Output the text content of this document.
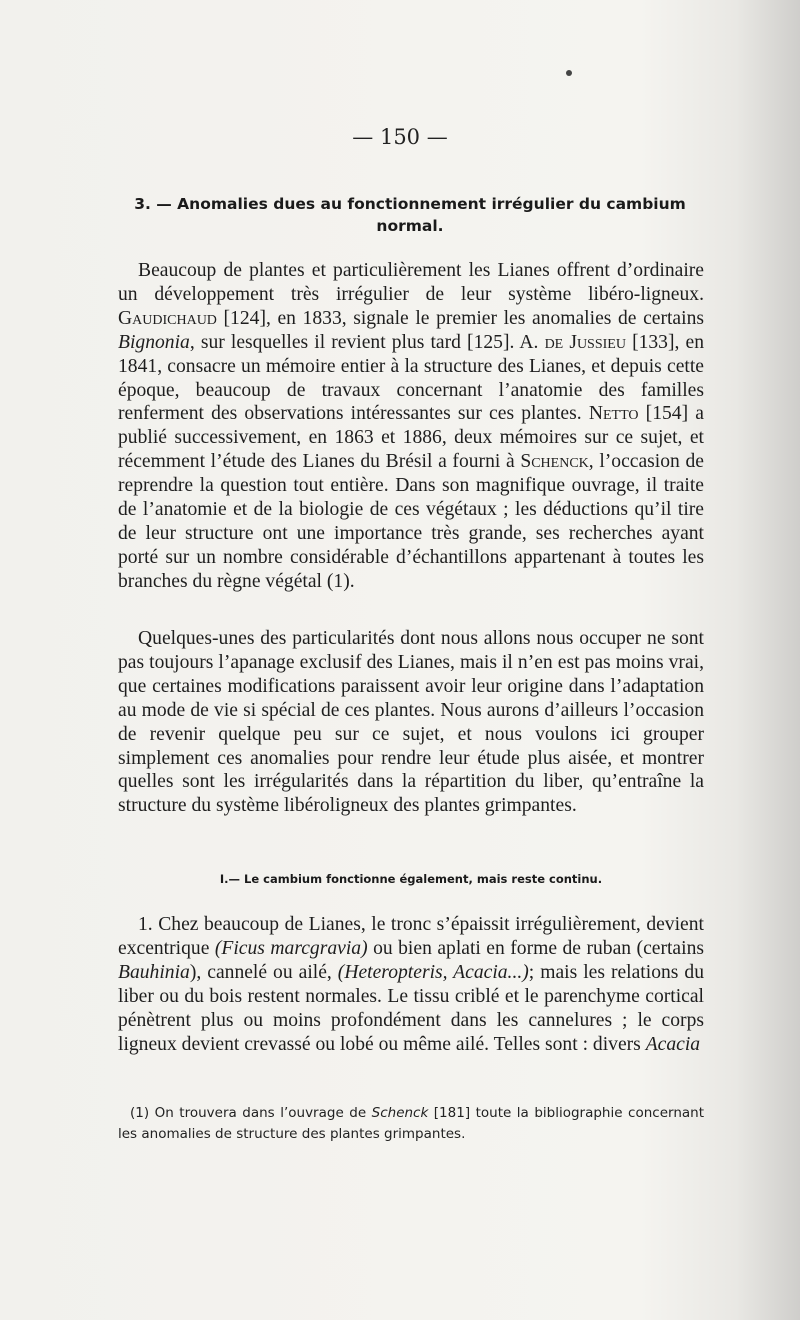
— 150 —
3. — Anomalies dues au fonctionnement irrégulier du cambium normal.

Beaucoup de plantes et particulièrement les Lianes offrent d’ordinaire un développement très irrégulier de leur système libéro-ligneux. Gaudichaud [124], en 1833, signale le premier les anomalies de certains Bignonia, sur lesquelles il revient plus tard [125]. A. de Jussieu [133], en 1841, consacre un mémoire entier à la structure des Lianes, et depuis cette époque, beaucoup de travaux concernant l’anatomie des familles renferment des observations intéressantes sur ces plantes. Netto [154] a publié successivement, en 1863 et 1886, deux mémoires sur ce sujet, et récemment l’étude des Lianes du Brésil a fourni à Schenck, l’occasion de reprendre la question tout entière. Dans son magnifique ouvrage, il traite de l’anatomie et de la biologie de ces végétaux ; les déductions qu’il tire de leur structure ont une importance très grande, ses recherches ayant porté sur un nombre considérable d’échantillons appartenant à toutes les branches du règne végétal (1).

Quelques-unes des particularités dont nous allons nous occuper ne sont pas toujours l’apanage exclusif des Lianes, mais il n’en est pas moins vrai, que certaines modifications paraissent avoir leur origine dans l’adaptation au mode de vie si spécial de ces plantes. Nous aurons d’ailleurs l’occasion de revenir quelque peu sur ce sujet, et nous voulons ici grouper simplement ces anomalies pour rendre leur étude plus aisée, et montrer quelles sont les irrégularités dans la répartition du liber, qu’entraîne la structure du système libéroligneux des plantes grimpantes.

I.— Le cambium fonctionne également, mais reste continu.

1. Chez beaucoup de Lianes, le tronc s’épaissit irrégulièrement, devient excentrique (Ficus marcgravia) ou bien aplati en forme de ruban (certains Bauhinia), cannelé ou ailé, (Heteropteris, Acacia...); mais les relations du liber ou du bois restent normales. Le tissu criblé et le parenchyme cortical pénètrent plus ou moins profondément dans les cannelures ; le corps ligneux devient crevassé ou lobé ou même ailé. Telles sont : divers Acacia

(1) On trouvera dans l’ouvrage de Schenck [181] toute la bibliographie concernant les anomalies de structure des plantes grimpantes.
